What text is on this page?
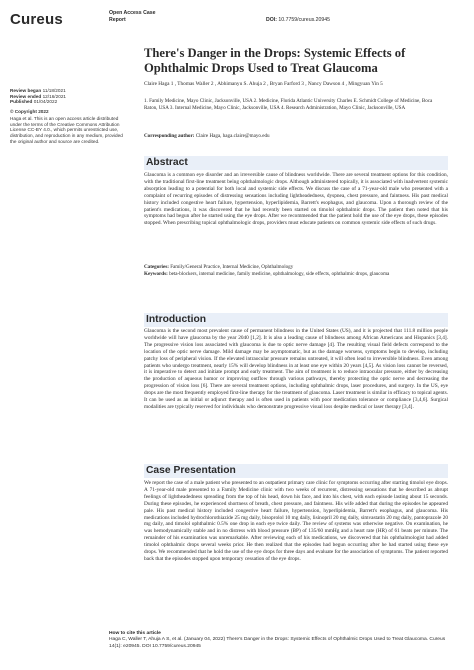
Cureus	Open Access Case
Report	DOI: 10.7759/cureus.20945
There's Danger in the Drops: Systemic Effects of Ophthalmic Drops Used to Treat Glaucoma
Claire Haga 1 , Thomas Waller 2 , Abhimanyu S. Ahuja 2 , Bryan Farford 3 , Nancy Dawson 4 , Mingyuan Yin 5
1. Family Medicine, Mayo Clinic, Jacksonville, USA 2. Medicine, Florida Atlantic University Charles E. Schmidt College of Medicine, Boca Raton, USA 3. Internal Medicine, Mayo Clinic, Jacksonville, USA 4. Research Administration, Mayo Clinic, Jacksonville, USA
Corresponding author: Claire Haga, haga.claire@mayo.edu
Review began 11/18/2021
Review ended 12/16/2021
Published 01/04/2022
© Copyright 2022
Haga et al. This is an open access article distributed under the terms of the Creative Commons Attribution License CC-BY 4.0., which permits unrestricted use, distribution, and reproduction in any medium, provided the original author and source are credited.
Abstract

Glaucoma is a common eye disorder and an irreversible cause of blindness worldwide. There are several treatment options for this condition, with the traditional first-line treatment being ophthalmologic drops. Although administered topically, it is associated with inadvertent systemic absorption leading to a potential for both local and systemic side effects. We discuss the case of a 71-year-old male who presented with a complaint of recurring episodes of distressing sensations including lightheadedness, dyspnea, chest pressure, and faintness. His past medical history included congestive heart failure, hypertension, hyperlipidemia, Barrett's esophagus, and glaucoma. Upon a thorough review of the patient's medications, it was discovered that he had recently been started on timolol ophthalmic drops. The patient then noted that his symptoms had begun after he started using the eye drops. After we recommended that the patient hold the use of the eye drops, these episodes stopped. When prescribing topical ophthalmologic drops, providers must educate patients on common systemic side effects of such drugs.

Categories: Family/General Practice, Internal Medicine, Ophthalmology
Keywords: beta-blockers, internal medicine, family medicine, ophthalmology, side effects, ophthalmic drops, glaucoma
Introduction

Glaucoma is the second most prevalent cause of permanent blindness in the United States (US), and it is projected that 111.8 million people worldwide will have glaucoma by the year 2040 [1,2]. It is also a leading cause of blindness among African Americans and Hispanics [3,4]. The progressive vision loss associated with glaucoma is due to optic nerve damage [4]. The resulting visual field defects correspond to the location of the optic nerve damage. Mild damage may be asymptomatic, but as the damage worsens, symptoms begin to develop, including patchy loss of peripheral vision. If the elevated intraocular pressure remains untreated, it will often lead to irreversible blindness. Even among patients who undergo treatment, nearly 15% will develop blindness in at least one eye within 20 years [4,5]. As vision loss cannot be reversed, it is imperative to detect and initiate prompt and early treatment. The aim of treatment is to reduce intraocular pressure, either by decreasing the production of aqueous humor or improving outflow through various pathways, thereby protecting the optic nerve and decreasing the progression of vision loss [6]. There are several treatment options, including ophthalmic drops, laser procedures, and surgery. In the US, eye drops are the most frequently employed first-line therapy for the treatment of glaucoma. Laser treatment is similar in efficacy to topical agents. It can be used as an initial or adjunct therapy and is often used in patients with poor medication tolerance or compliance [3,4,6]. Surgical modalities are typically reserved for individuals who demonstrate progressive visual loss despite medical or laser therapy [3,4].

Case Presentation

We report the case of a male patient who presented to an outpatient primary care clinic for symptoms occurring after starting timolol eye drops. A 71-year-old male presented to a Family Medicine clinic with two weeks of recurrent, distressing sensations that he described as abrupt feelings of lightheadedness spreading from the top of his head, down his face, and into his chest, with each episode lasting about 15 seconds. During these episodes, he experienced shortness of breath, chest pressure, and faintness. His wife added that during the episodes he appeared pale. His past medical history included congestive heart failure, hypertension, hyperlipidemia, Barrett's esophagus, and glaucoma. His medications included hydrochlorothiazide 25 mg daily, bisoprolol 10 mg daily, lisinopril 20 mg daily, simvastatin 20 mg daily, pantoprazole 20 mg daily, and timolol ophthalmic 0.5% one drop in each eye twice daily. The review of systems was otherwise negative. On examination, he was hemodynamically stable and in no distress with blood pressure (BP) of 135/60 mmHg and a heart rate (HR) of 61 beats per minute. The remainder of his examination was unremarkable. After reviewing each of his medications, we discovered that his ophthalmologist had added timolol ophthalmic drops several weeks prior. He then realized that the episodes had begun occurring after he had started using these eye drops. We recommended that he hold the use of the eye drops for three days and evaluate for the association of symptoms. The patient reported back that the episodes stopped upon temporary cessation of the eye drops.

How to cite this article
Haga C, Waller T, Ahuja A S, et al. (January 04, 2022) There's Danger in the Drops: Systemic Effects of Ophthalmic Drops Used to Treat Glaucoma. Cureus 14(1): e20945. DOI 10.7759/cureus.20945
